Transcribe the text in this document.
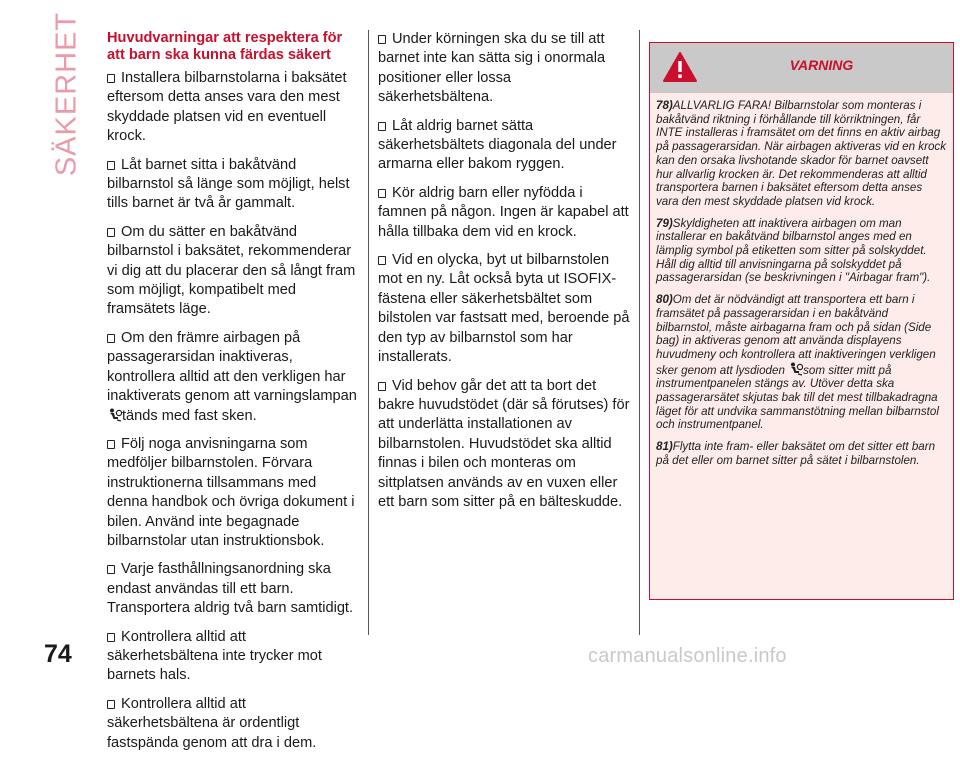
SÄKERHET Huvudvarningar att respektera för att barn ska kunna färdas säkert

Installera bilbarnstolarna i baksätet eftersom detta anses vara den mest skyddade platsen vid en eventuell krock.

Låt barnet sitta i bakåtvänd bilbarnstol så länge som möjligt, helst tills barnet är två år gammalt.

Om du sätter en bakåtvänd bilbarnstol i baksätet, rekommenderar vi dig att du placerar den så långt fram som möjligt, kompatibelt med framsätets läge.

Om den främre airbagen på passagerarsidan inaktiveras, kontrollera alltid att den verkligen har inaktiverats genom att varningslampan tänds med fast sken.

Följ noga anvisningarna som medföljer bilbarnstolen. Förvara instruktionerna tillsammans med denna handbok och övriga dokument i bilen. Använd inte begagnade bilbarnstolar utan instruktionsbok.

Varje fasthållningsanordning ska endast användas till ett barn. Transportera aldrig två barn samtidigt.

Kontrollera alltid att säkerhetsbältena inte trycker mot barnets hals.

Kontrollera alltid att säkerhetsbältena är ordentligt fastspända genom att dra i dem.

Under körningen ska du se till att barnet inte kan sätta sig i onormala positioner eller lossa säkerhetsbältena.

Låt aldrig barnet sätta säkerhetsbältets diagonala del under armarna eller bakom ryggen.

Kör aldrig barn eller nyfödda i famnen på någon. Ingen är kapabel att hålla tillbaka dem vid en krock.

Vid en olycka, byt ut bilbarnstolen mot en ny. Låt också byta ut ISOFIX-fästena eller säkerhetsbältet som bilstolen var fastsatt med, beroende på den typ av bilbarnstol som har installerats.

Vid behov går det att ta bort det bakre huvudstödet (där så förutses) för att underlätta installationen av bilbarnstolen. Huvudstödet ska alltid finnas i bilen och monteras om sittplatsen används av en vuxen eller ett barn som sitter på en bälteskudde.

VARNING

78)ALLVARLIG FARA! Bilbarnstolar som monteras i bakåtvänd riktning i förhållande till körriktningen, får INTE installeras i framsätet om det finns en aktiv airbag på passagerarsidan. När airbagen aktiveras vid en krock kan den orsaka livshotande skador för barnet oavsett hur allvarlig krocken är. Det rekommenderas att alltid transportera barnen i baksätet eftersom detta anses vara den mest skyddade platsen vid krock.

79)Skyldigheten att inaktivera airbagen om man installerar en bakåtvänd bilbarnstol anges med en lämplig symbol på etiketten som sitter på solskyddet. Håll dig alltid till anvisningarna på solskyddet på passagerarsidan (se beskrivningen i "Airbagar fram").

80)Om det är nödvändigt att transportera ett barn i framsätet på passagerarsidan i en bakåtvänd bilbarnstol, måste airbagarna fram och på sidan (Side bag) in aktiveras genom att använda displayens huvudmeny och kontrollera att inaktiveringen verkligen sker genom att lysdioden som sitter mitt på instrumentpanelen stängs av. Utöver detta ska passagerarsätet skjutas bak till det mest tillbakadragna läget för att undvika sammanstötning mellan bilbarnstol och instrumentpanel.

81)Flytta inte fram- eller baksätet om det sitter ett barn på det eller om barnet sitter på sätet i bilbarnstolen.

74	carmanualsonline.info
